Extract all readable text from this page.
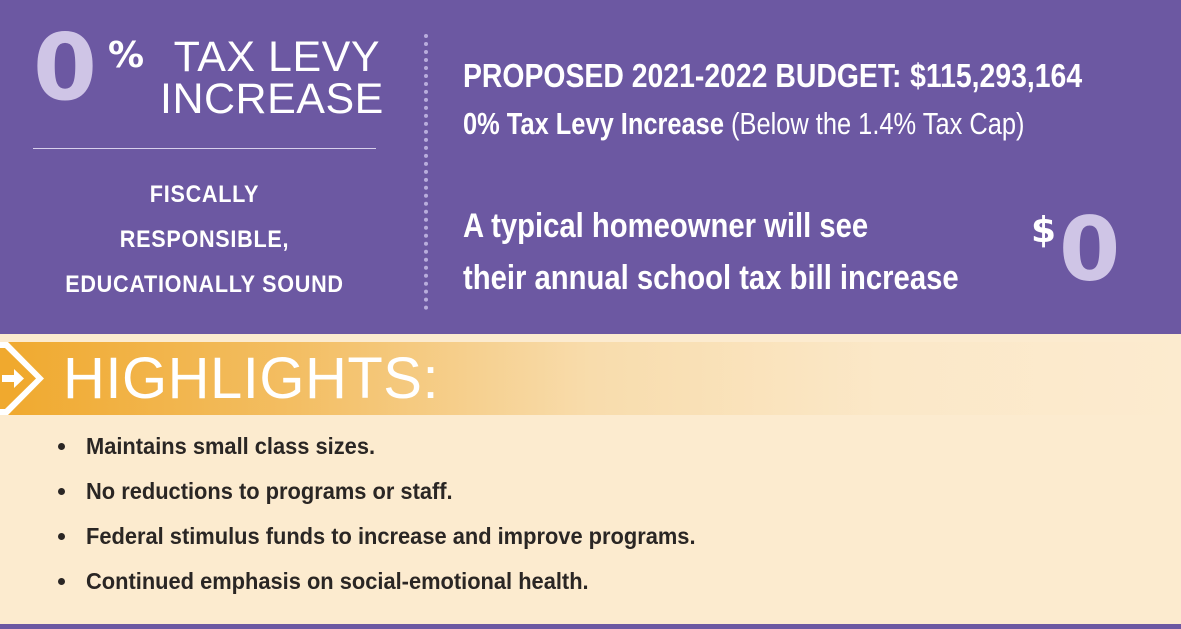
0 % TAX LEVY
INCREASE
FISCALLY
RESPONSIBLE,
EDUCATIONALLY SOUND
PROPOSED 2021-2022 BUDGET: $115,293,164
0% Tax Levy Increase (Below the 1.4% Tax Cap)
A typical homeowner will see
their annual school tax bill increase
$ 0
HIGHLIGHTS:
Maintains small class sizes.
No reductions to programs or staff.
Federal stimulus funds to increase and improve programs.
Continued emphasis on social-emotional health.
